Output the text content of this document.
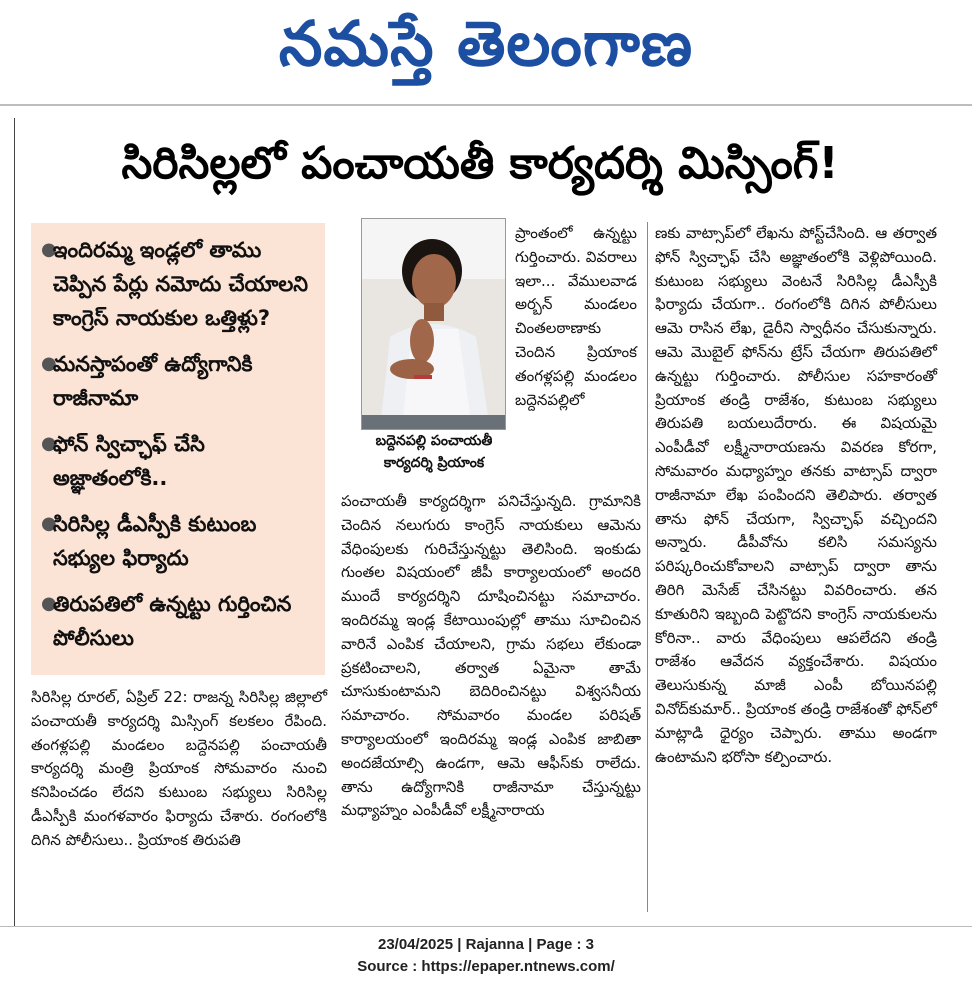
నమస్తే తెలంగాణ
సిరిసిల్లలో పంచాయతీ కార్యదర్శి మిస్సింగ్!
●
ఇందిరమ్మ ఇండ్లలో తాము చెప్పిన పేర్లు నమోదు చేయాలని కాంగ్రెస్ నాయకుల ఒత్తిళ్లు?
●
మనస్తాపంతో ఉద్యోగానికి రాజీనామా
●
ఫోన్ స్విచ్ఛాఫ్ చేసి అజ్ఞాతంలోకి..
●
సిరిసిల్ల డీఎస్పీకి కుటుంబ సభ్యుల ఫిర్యాదు
●
తిరుపతిలో ఉన్నట్టు గుర్తించిన పోలీసులు
బద్దెనపల్లి పంచాయతీ కార్యదర్శి ప్రియాంక
ప్రాంతంలో ఉన్నట్టు గుర్తించారు. వివరాలు ఇలా... వేములవాడ అర్బన్ మండలం చింతలఠాణాకు చెందిన ప్రియాంక తంగళ్లపల్లి మండలం బద్దెనపల్లిలో
సిరిసిల్ల రూరల్, ఏప్రిల్ 22: రాజన్న సిరిసిల్ల జిల్లాలో పంచాయతీ కార్యదర్శి మిస్సింగ్ కలకలం రేపింది. తంగళ్లపల్లి మండలం బద్దెనపల్లి పంచాయతీ కార్యదర్శి మంత్రి ప్రియాంక సోమవారం నుంచి కనిపించడం లేదని కుటుంబ సభ్యులు సిరిసిల్ల డీఎస్పీకి మంగళవారం ఫిర్యాదు చేశారు. రంగంలోకి దిగిన పోలీసులు.. ప్రియాంక తిరుపతి
పంచాయతీ కార్యదర్శిగా పనిచేస్తున్నది. గ్రామానికి చెందిన నలుగురు కాంగ్రెస్ నాయకులు ఆమెను వేధింపులకు గురిచేస్తున్నట్టు తెలిసింది. ఇంకుడు గుంతల విషయంలో జీపీ కార్యాలయంలో అందరి ముందే కార్యదర్శిని దూషించినట్టు సమాచారం. ఇందిరమ్మ ఇండ్ల కేటాయింపుల్లో తాము సూచించిన వారినే ఎంపిక చేయాలని, గ్రామ సభలు లేకుండా ప్రకటించాలని, తర్వాత ఏమైనా తామే చూసుకుంటామని బెదిరించినట్టు విశ్వసనీయ సమాచారం. సోమవారం మండల పరిషత్ కార్యాలయంలో ఇందిరమ్మ ఇండ్ల ఎంపిక జాబితా అందజేయాల్సి ఉండగా, ఆమె ఆఫీస్‌కు రాలేదు. తాను ఉద్యోగానికి రాజీనామా చేస్తున్నట్టు మధ్యాహ్నం ఎంపీడీవో లక్ష్మీనారాయ
ణకు వాట్సాప్‌లో లేఖను పోస్ట్‌చేసింది. ఆ తర్వాత ఫోన్ స్విచ్ఛాఫ్ చేసి అజ్ఞాతంలోకి వెళ్లిపోయింది. కుటుంబ సభ్యులు వెంటనే సిరిసిల్ల డీఎస్పీకి ఫిర్యాదు చేయగా.. రంగంలోకి దిగిన పోలీసులు ఆమె రాసిన లేఖ, డైరీని స్వాధీనం చేసుకున్నారు. ఆమె మొబైల్ ఫోన్‌ను ట్రేస్ చేయగా తిరుపతిలో ఉన్నట్టు గుర్తించారు. పోలీసుల సహకారంతో ప్రియాంక తండ్రి రాజేశం, కుటుంబ సభ్యులు తిరుపతి బయలుదేరారు. ఈ విషయమై ఎంపీడీవో లక్ష్మీనారాయణను వివరణ కోరగా, సోమవారం మధ్యాహ్నం తనకు వాట్సాప్ ద్వారా రాజీనామా లేఖ పంపిందని తెలిపారు. తర్వాత తాను ఫోన్ చేయగా, స్విచ్ఛాఫ్ వచ్చిందని అన్నారు. డీపీవోను కలిసి సమస్యను పరిష్కరించుకోవాలని వాట్సాప్ ద్వారా తాను తిరిగి మెసేజ్ చేసినట్టు వివరించారు. తన కూతురిని ఇబ్బంది పెట్టొదని కాంగ్రెస్ నాయకులను కోరినా.. వారు వేధింపులు ఆపలేదని తండ్రి రాజేశం ఆవేదన వ్యక్తంచేశారు. విషయం తెలుసుకున్న మాజీ ఎంపీ బోయినపల్లి వినోద్‌కుమార్.. ప్రియాంక తండ్రి రాజేశంతో ఫోన్‌లో మాట్లాడి ధైర్యం చెప్పారు. తాము అండగా ఉంటామని భరోసా కల్పించారు.
23/04/2025 | Rajanna | Page : 3
Source : https://epaper.ntnews.com/
